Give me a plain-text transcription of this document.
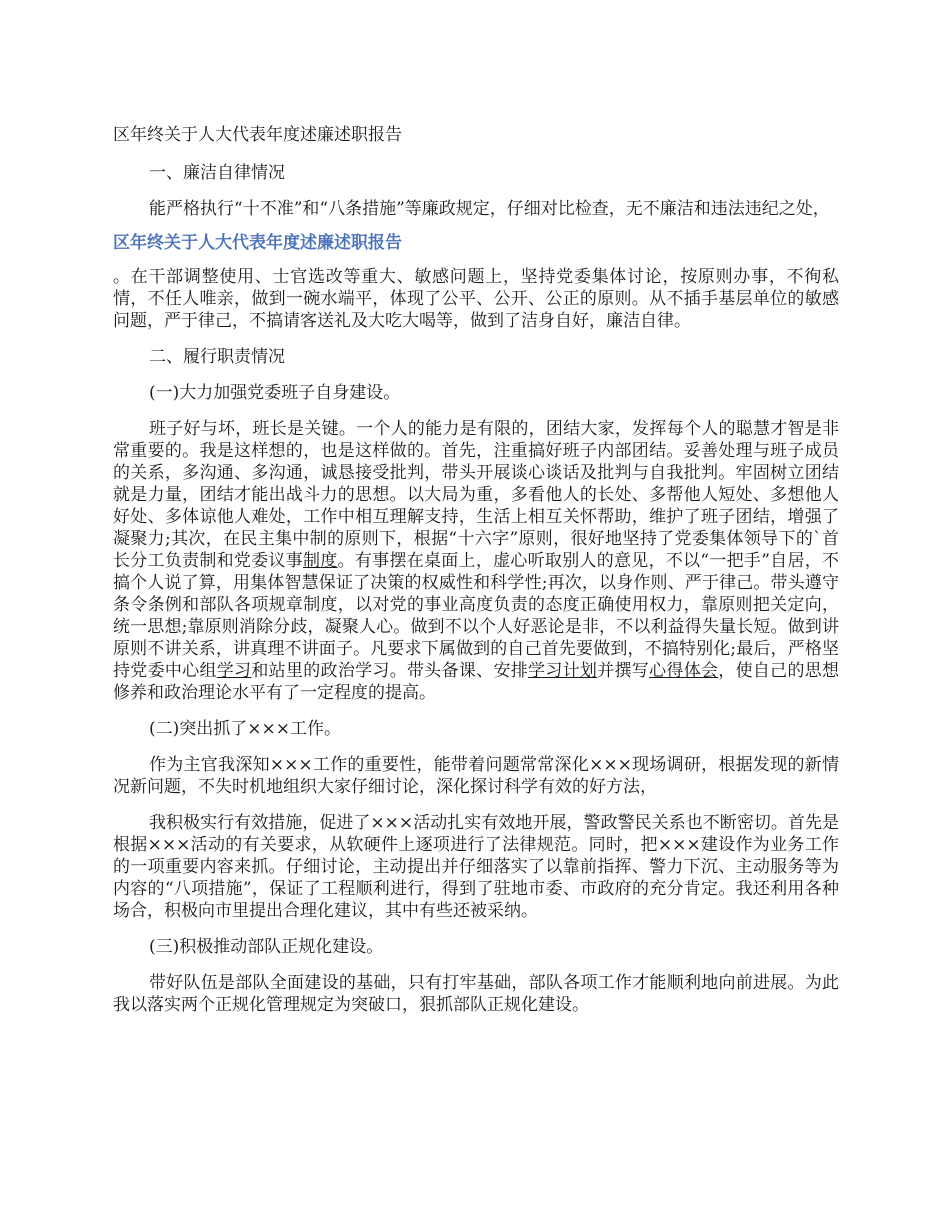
区年终关于人大代表年度述廉述职报告

一、廉洁自律情况

能严格执行“十不准”和“八条措施”等廉政规定，仔细对比检查，无不廉洁和违法违纪之处，

区年终关于人大代表年度述廉述职报告

。在干部调整使用、士官选改等重大、敏感问题上，坚持党委集体讨论，按原则办事，不徇私情，不任人唯亲，做到一碗水端平，体现了公平、公开、公正的原则。从不插手基层单位的敏感问题，严于律己，不搞请客送礼及大吃大喝等，做到了洁身自好，廉洁自律。

二、履行职责情况

(一)大力加强党委班子自身建设。

班子好与坏，班长是关键。一个人的能力是有限的，团结大家，发挥每个人的聪慧才智是非常重要的。我是这样想的，也是这样做的。首先，注重搞好班子内部团结。妥善处理与班子成员的关系，多沟通、多沟通，诚恳接受批判，带头开展谈心谈话及批判与自我批判。牢固树立团结就是力量，团结才能出战斗力的思想。以大局为重，多看他人的长处、多帮他人短处、多想他人好处、多体谅他人难处，工作中相互理解支持，生活上相互关怀帮助，维护了班子团结，增强了凝聚力;其次，在民主集中制的原则下，根据“十六字”原则，很好地坚持了党委集体领导下的`首长分工负责制和党委议事制度。有事摆在桌面上，虚心听取别人的意见，不以“一把手”自居，不搞个人说了算，用集体智慧保证了决策的权威性和科学性;再次，以身作则、严于律己。带头遵守条令条例和部队各项规章制度，以对党的事业高度负责的态度正确使用权力，靠原则把关定向，统一思想;靠原则消除分歧，凝聚人心。做到不以个人好恶论是非，不以利益得失量长短。做到讲原则不讲关系，讲真理不讲面子。凡要求下属做到的自己首先要做到，不搞特别化;最后，严格坚持党委中心组学习和站里的政治学习。带头备课、安排学习计划并撰写心得体会，使自己的思想修养和政治理论水平有了一定程度的提高。

(二)突出抓了×××工作。

作为主官我深知×××工作的重要性，能带着问题常常深化×××现场调研，根据发现的新情况新问题，不失时机地组织大家仔细讨论，深化探讨科学有效的好方法，

我积极实行有效措施，促进了×××活动扎实有效地开展，警政警民关系也不断密切。首先是根据×××活动的有关要求，从软硬件上逐项进行了法律规范。同时，把×××建设作为业务工作的一项重要内容来抓。仔细讨论，主动提出并仔细落实了以靠前指挥、警力下沉、主动服务等为内容的“八项措施”，保证了工程顺利进行，得到了驻地市委、市政府的充分肯定。我还利用各种场合，积极向市里提出合理化建议，其中有些还被采纳。

(三)积极推动部队正规化建设。

带好队伍是部队全面建设的基础，只有打牢基础，部队各项工作才能顺利地向前进展。为此我以落实两个正规化管理规定为突破口，狠抓部队正规化建设。
